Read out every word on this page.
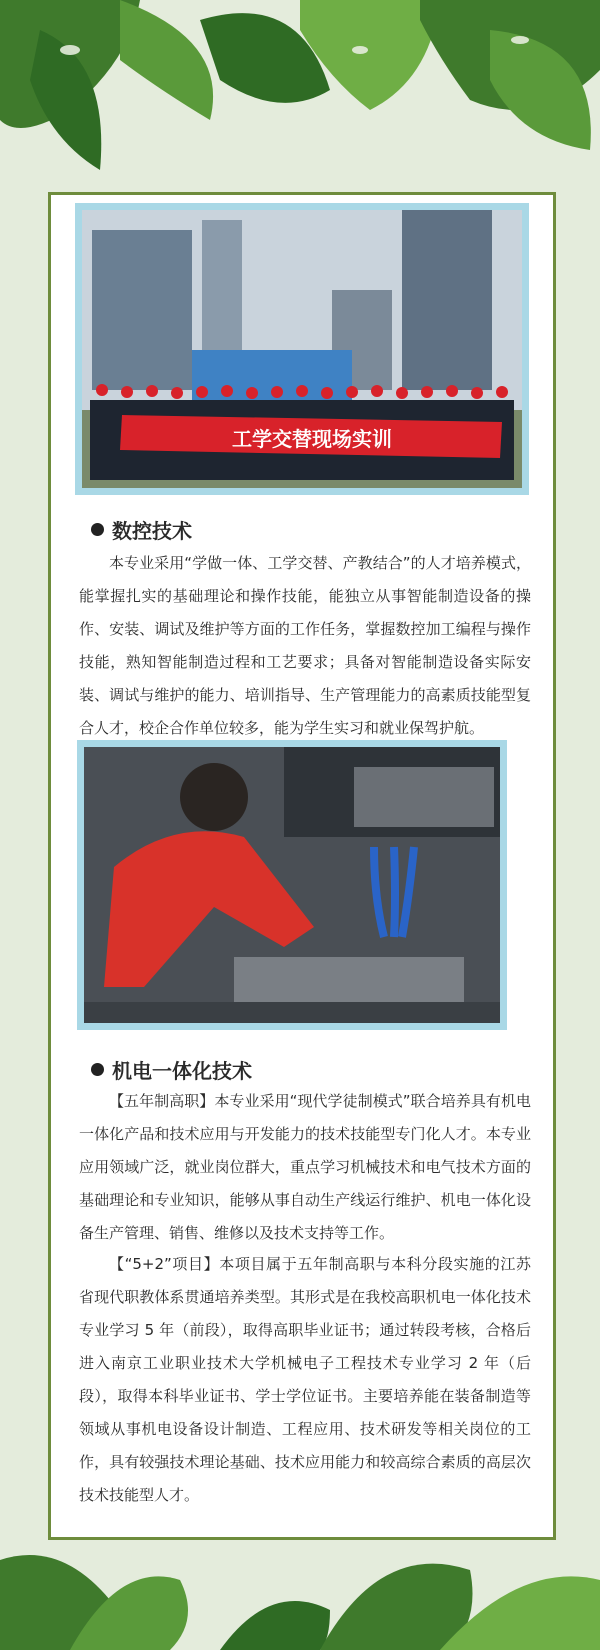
工学交替现场实训
数控技术

本专业采用“学做一体、工学交替、产教结合”的人才培养模式，能掌握扎实的基础理论和操作技能，能独立从事智能制造设备的操作、安装、调试及维护等方面的工作任务，掌握数控加工编程与操作技能，熟知智能制造过程和工艺要求；具备对智能制造设备实际安装、调试与维护的能力、培训指导、生产管理能力的高素质技能型复合人才，校企合作单位较多，能为学生实习和就业保驾护航。

机电一体化技术

【五年制高职】本专业采用“现代学徒制模式”联合培养具有机电一体化产品和技术应用与开发能力的技术技能型专门化人才。本专业应用领域广泛，就业岗位群大，重点学习机械技术和电气技术方面的基础理论和专业知识，能够从事自动生产线运行维护、机电一体化设备生产管理、销售、维修以及技术支持等工作。

【“5+2”项目】本项目属于五年制高职与本科分段实施的江苏省现代职教体系贯通培养类型。其形式是在我校高职机电一体化技术专业学习 5 年（前段），取得高职毕业证书；通过转段考核，合格后进入南京工业职业技术大学机械电子工程技术专业学习 2 年（后段），取得本科毕业证书、学士学位证书。主要培养能在装备制造等领域从事机电设备设计制造、工程应用、技术研发等相关岗位的工作，具有较强技术理论基础、技术应用能力和较高综合素质的高层次技术技能型人才。
